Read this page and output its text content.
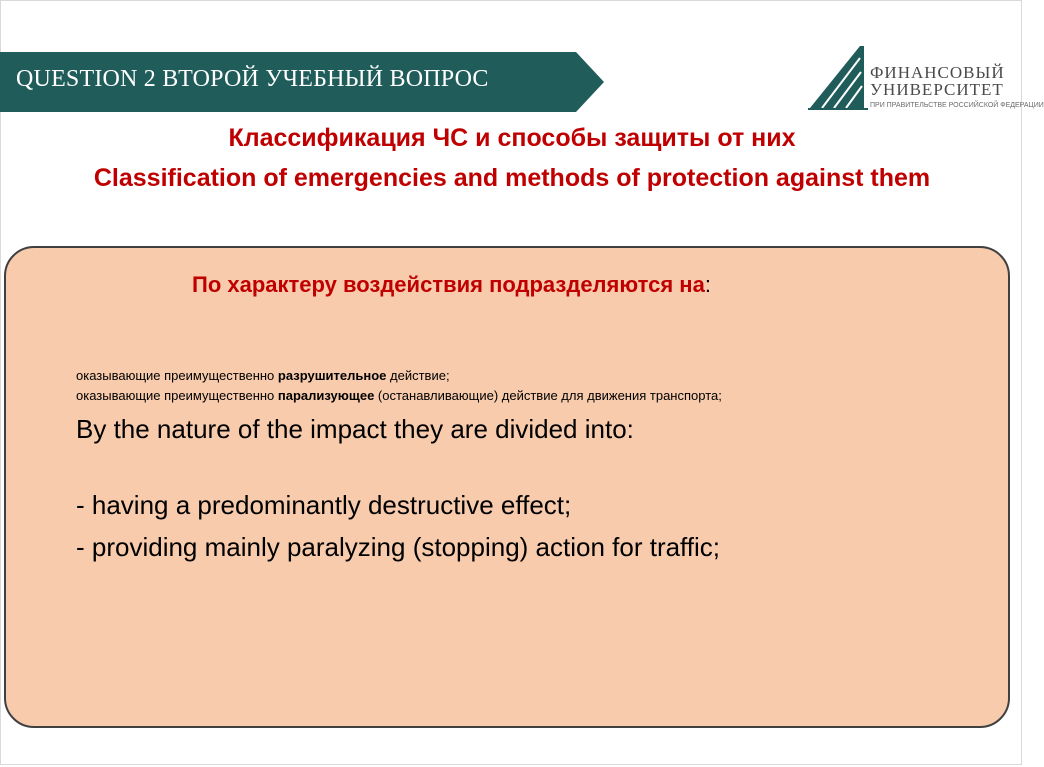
QUESTION 2 ВТОРОЙ УЧЕБНЫЙ ВОПРОС	ФИНАНСОВЫЙ
УНИВЕРСИТЕТ
ПРИ ПРАВИТЕЛЬСТВЕ РОССИЙСКОЙ ФЕДЕРАЦИИ
Классификация ЧС и способы защиты от них
Classification of emergencies and methods of protection against them
По характеру воздействия подразделяются на:
оказывающие преимущественно разрушительное действие;
оказывающие преимущественно парализующее (останавливающие) действие для движения транспорта;
By the nature of the impact they are divided into:
- having a predominantly destructive effect;
- providing mainly paralyzing (stopping) action for traffic;
